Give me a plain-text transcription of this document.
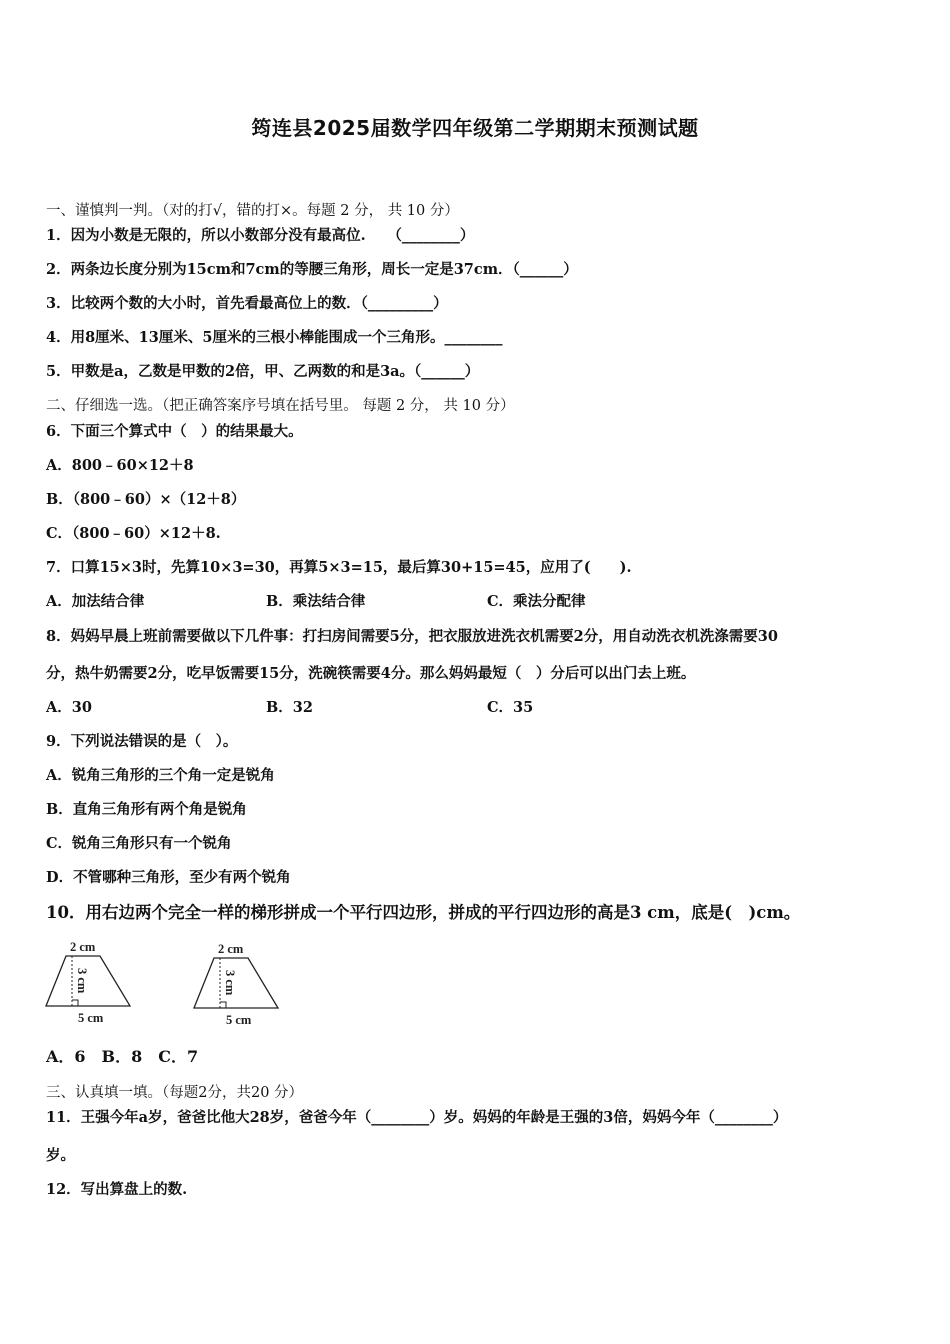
筠连县2025届数学四年级第二学期期末预测试题
一、谨慎判一判。（对的打√，错的打×。每题 2 分， 共 10 分）
1．因为小数是无限的，所以小数部分没有最高位.　　（________）
2．两条边长度分别为15cm和7cm的等腰三角形，周长一定是37cm．（______）
3．比较两个数的大小时，首先看最高位上的数．（_________）
4．用8厘米、13厘米、5厘米的三根小棒能围成一个三角形。________
5．甲数是a，乙数是甲数的2倍，甲、乙两数的和是3a。（______）
二、仔细选一选。（把正确答案序号填在括号里。 每题 2 分， 共 10 分）
6．下面三个算式中（　）的结果最大。
A．800﹣60×12＋8
B．（800﹣60）×（12＋8）
C．（800﹣60）×12＋8.
7．口算15×3时，先算10×3=30，再算5×3=15，最后算30+15=45，应用了(　　).
A．加法结合律	B．乘法结合律	C．乘法分配律
8．妈妈早晨上班前需要做以下几件事：打扫房间需要5分，把衣服放进洗衣机需要2分，用自动洗衣机洗涤需要30
分，热牛奶需要2分，吃早饭需要15分，洗碗筷需要4分。那么妈妈最短（　）分后可以出门去上班。
A．30	B．32	C．35
9．下列说法错误的是（　）。
A．锐角三角形的三个角一定是锐角
B．直角三角形有两个角是锐角
C．锐角三角形只有一个锐角
D．不管哪种三角形，至少有两个锐角
10．用右边两个完全一样的梯形拼成一个平行四边形，拼成的平行四边形的高是3 cm，底是(　)cm。
2 cm
3 cm
5 cm
2 cm
3 cm
5 cm
A．6　B．8　C．7
三、认真填一填。（每题2分，共20 分）
11．王强今年a岁，爸爸比他大28岁，爸爸今年（________）岁。妈妈的年龄是王强的3倍，妈妈今年（________）
岁。
12．写出算盘上的数.
